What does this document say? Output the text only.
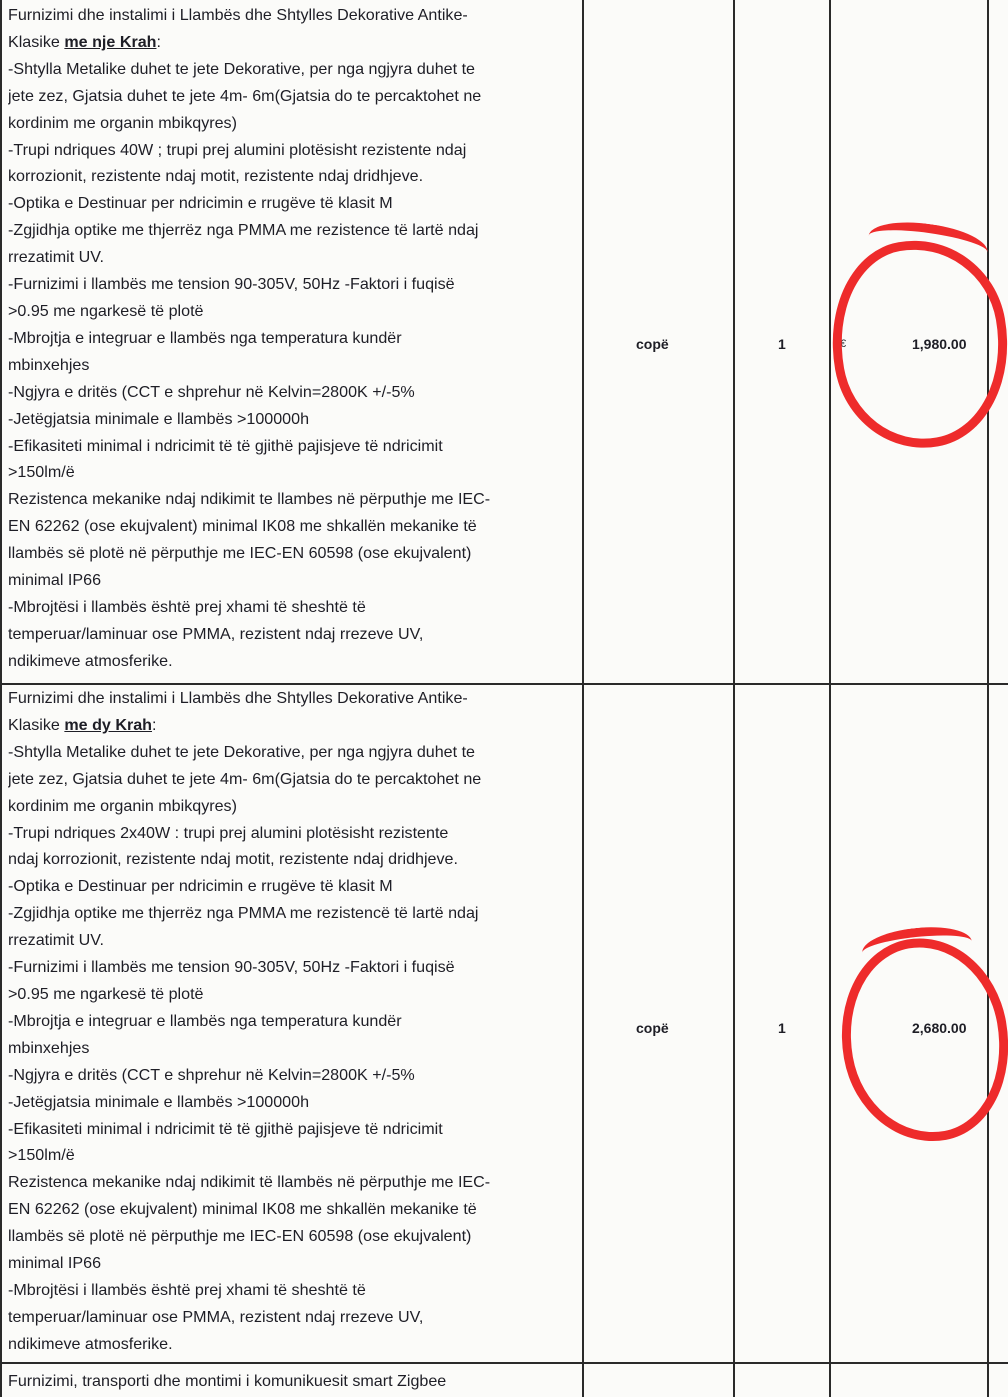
Furnizimi dhe instalimi i Llambës dhe Shtylles Dekorative Antike-
Klasike me nje Krah:
-Shtylla Metalike duhet te jete Dekorative, per nga ngjyra duhet te
jete zez, Gjatsia duhet te jete 4m- 6m(Gjatsia do te percaktohet ne
kordinim me organin mbikqyres)
-Trupi ndriques 40W ; trupi prej alumini plotësisht rezistente ndaj
korrozionit, rezistente ndaj motit, rezistente ndaj dridhjeve.
-Optika e Destinuar per ndricimin e rrugëve të klasit M
-Zgjidhja optike me thjerrëz nga PMMA me rezistence të lartë ndaj
rrezatimit UV.
-Furnizimi i llambës me tension 90-305V, 50Hz -Faktori i fuqisë
>0.95 me ngarkesë të plotë
-Mbrojtja e integruar e llambës nga temperatura kundër
mbinxehjes
-Ngjyra e dritës (CCT e shprehur në Kelvin=2800K +/-5%
-Jetëgjatsia minimale e llambës >100000h
-Efikasiteti minimal i ndricimit të të gjithë pajisjeve të ndricimit
>150lm/ë
Rezistenca mekanike ndaj ndikimit te llambes në përputhje me IEC-
EN 62262 (ose ekujvalent) minimal IK08 me shkallën mekanike të
llambës së plotë në përputhje me IEC-EN 60598 (ose ekujvalent)
minimal IP66
-Mbrojtësi i llambës është prej xhami të sheshtë të
temperuar/laminuar ose PMMA, rezistent ndaj rrezeve UV,
ndikimeve atmosferike.
copë	1	€	1,980.00
Furnizimi dhe instalimi i Llambës dhe Shtylles Dekorative Antike-
Klasike me dy Krah:
-Shtylla Metalike duhet te jete Dekorative, per nga ngjyra duhet te
jete zez, Gjatsia duhet te jete 4m- 6m(Gjatsia do te percaktohet ne
kordinim me organin mbikqyres)
-Trupi ndriques 2x40W : trupi prej alumini plotësisht rezistente
ndaj korrozionit, rezistente ndaj motit, rezistente ndaj dridhjeve.
-Optika e Destinuar per ndricimin e rrugëve të klasit M
-Zgjidhja optike me thjerrëz nga PMMA me rezistencë të lartë ndaj
rrezatimit UV.
-Furnizimi i llambës me tension 90-305V, 50Hz -Faktori i fuqisë
>0.95 me ngarkesë të plotë
-Mbrojtja e integruar e llambës nga temperatura kundër
mbinxehjes
-Ngjyra e dritës (CCT e shprehur në Kelvin=2800K +/-5%
-Jetëgjatsia minimale e llambës >100000h
-Efikasiteti minimal i ndricimit të të gjithë pajisjeve të ndricimit
>150lm/ë
Rezistenca mekanike ndaj ndikimit të llambës në përputhje me IEC-
EN 62262 (ose ekujvalent) minimal IK08 me shkallën mekanike të
llambës së plotë në përputhje me IEC-EN 60598 (ose ekujvalent)
minimal IP66
-Mbrojtësi i llambës është prej xhami të sheshtë të
temperuar/laminuar ose PMMA, rezistent ndaj rrezeve UV,
ndikimeve atmosferike.
copë	1	2,680.00
Furnizimi, transporti dhe montimi i komunikuesit smart Zigbee
